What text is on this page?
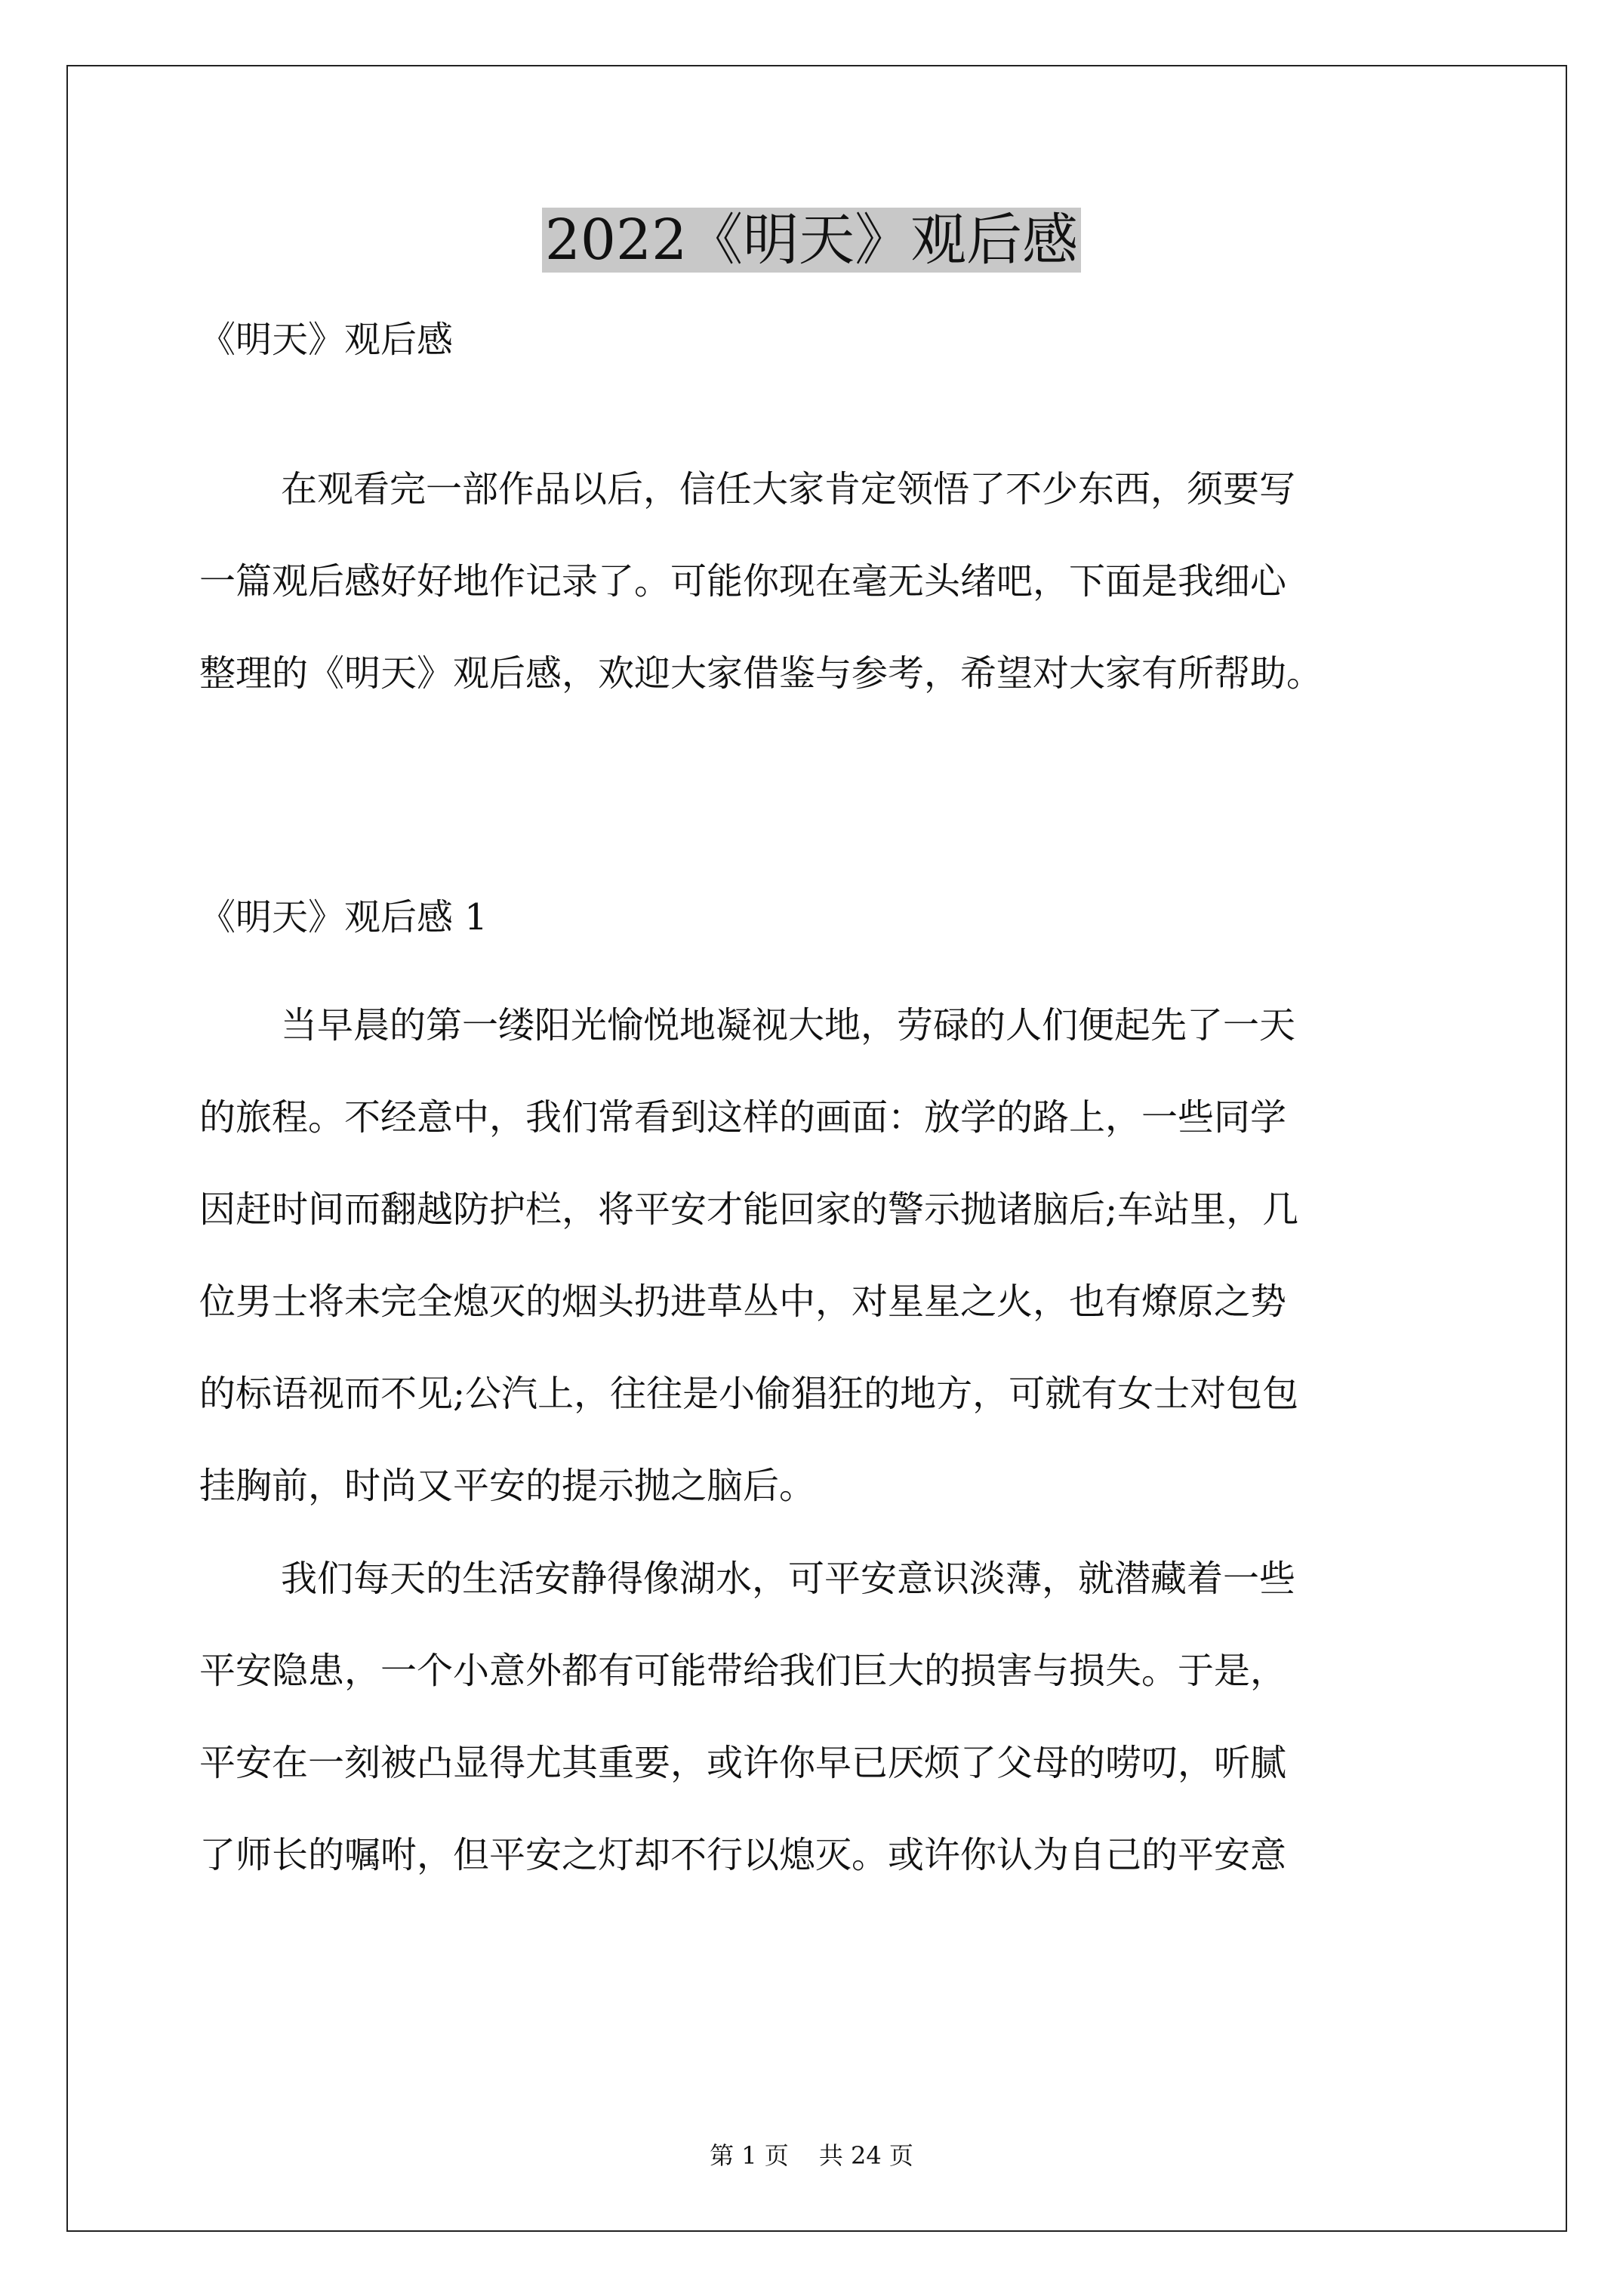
2022《明天》观后感
《明天》观后感
在观看完一部作品以后，信任大家肯定领悟了不少东西，须要写
一篇观后感好好地作记录了。可能你现在毫无头绪吧，下面是我细心
整理的《明天》观后感，欢迎大家借鉴与参考，希望对大家有所帮助。
《明天》观后感 1
当早晨的第一缕阳光愉悦地凝视大地，劳碌的人们便起先了一天
的旅程。不经意中，我们常看到这样的画面：放学的路上，一些同学
因赶时间而翻越防护栏，将平安才能回家的警示抛诸脑后;车站里，几
位男士将未完全熄灭的烟头扔进草丛中，对星星之火，也有燎原之势
的标语视而不见;公汽上，往往是小偷猖狂的地方，可就有女士对包包
挂胸前，时尚又平安的提示抛之脑后。
我们每天的生活安静得像湖水，可平安意识淡薄，就潜藏着一些
平安隐患，一个小意外都有可能带给我们巨大的损害与损失。于是，
平安在一刻被凸显得尤其重要，或许你早已厌烦了父母的唠叨，听腻
了师长的嘱咐，但平安之灯却不行以熄灭。或许你认为自己的平安意
第 1 页 共 24 页
